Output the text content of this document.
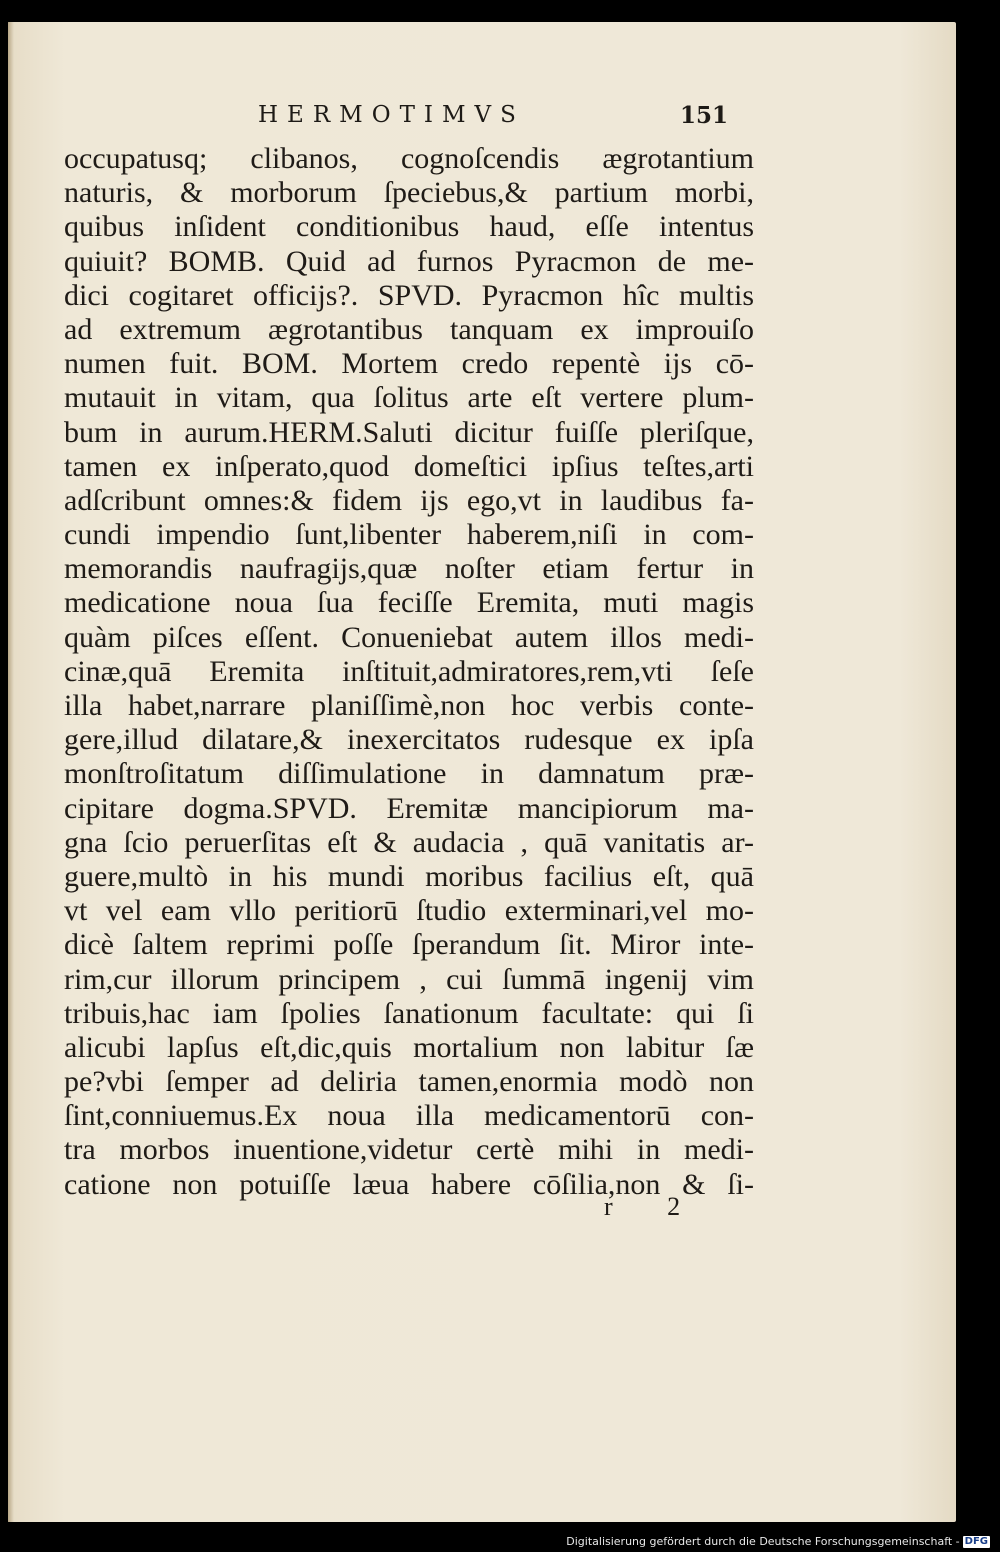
HERMOTIMVS	151
occupatusq; clibanos, cognoſcendis ægrotantium
naturis, & morborum ſpeciebus,& partium morbi,
quibus inſident conditionibus haud, eſſe intentus
quiuit? BOMB. Quid ad furnos Pyracmon de me-
dici cogitaret officijs?. SPVD. Pyracmon hîc multis
ad extremum ægrotantibus tanquam ex improuiſo
numen fuit. BOM. Mortem credo repentè ijs cō-
mutauit in vitam, qua ſolitus arte eſt vertere plum-
bum in aurum.HERM.Saluti dicitur fuiſſe pleriſque,
tamen ex inſperato,quod domeſtici ipſius teſtes,arti
adſcribunt omnes:& fidem ijs ego,vt in laudibus fa-
cundi impendio ſunt,libenter haberem,niſi in com-
memorandis naufragijs,quæ noſter etiam fertur in
medicatione noua ſua feciſſe Eremita, muti magis
quàm piſces eſſent. Conueniebat autem illos medi-
cinæ,quā Eremita inſtituit,admiratores,rem,vti ſeſe
illa habet,narrare planiſſimè,non hoc verbis conte-
gere,illud dilatare,& inexercitatos rudesque ex ipſa
monſtroſitatum diſſimulatione in damnatum præ-
cipitare dogma.SPVD. Eremitæ mancipiorum ma-
gna ſcio peruerſitas eſt & audacia , quā vanitatis ar-
guere,multò in his mundi moribus facilius eſt, quā
vt vel eam vllo peritiorū ſtudio exterminari,vel mo-
dicè ſaltem reprimi poſſe ſperandum ſit. Miror inte-
rim,cur illorum principem , cui ſummā ingenij vim
tribuis,hac iam ſpolies ſanationum facultate: qui ſi
alicubi lapſus eſt,dic,quis mortalium non labitur ſæ
pe?vbi ſemper ad deliria tamen,enormia modò non
ſint,conniuemus.Ex noua illa medicamentorū con-
tra morbos inuentione,videtur certè mihi in medi-
catione non potuiſſe læua habere cōſilia,non & ſi-
r 2
Digitalisierung gefördert durch die Deutsche Forschungsgemeinschaft - DFG
